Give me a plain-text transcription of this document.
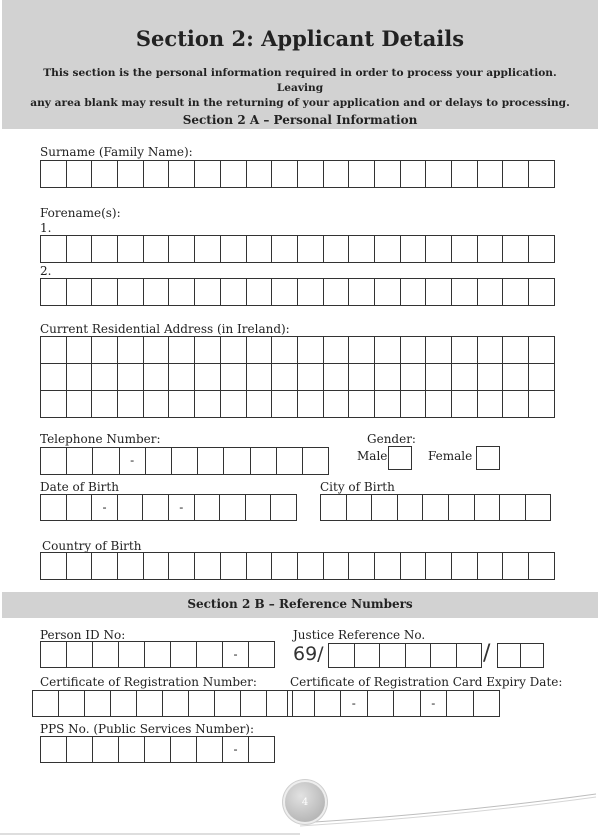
Section 2: Applicant Details
This section is the personal information required in order to process your application. Leaving
any area blank may result in the returning of your application and or delays to processing.
Section 2 A – Personal Information
Surname (Family Name):
Forename(s):
1.
2.
Current Residential Address (in Ireland):
Telephone Number:
-
Gender:
Male	Female
Date of Birth
-	-
City of Birth
Country of Birth
Section 2 B – Reference Numbers
Person ID No:
-
Justice Reference No.
69/	/
Certificate of Registration Number:	Certificate of Registration Card Expiry Date:
-	-
PPS No. (Public Services Number):
-
4
